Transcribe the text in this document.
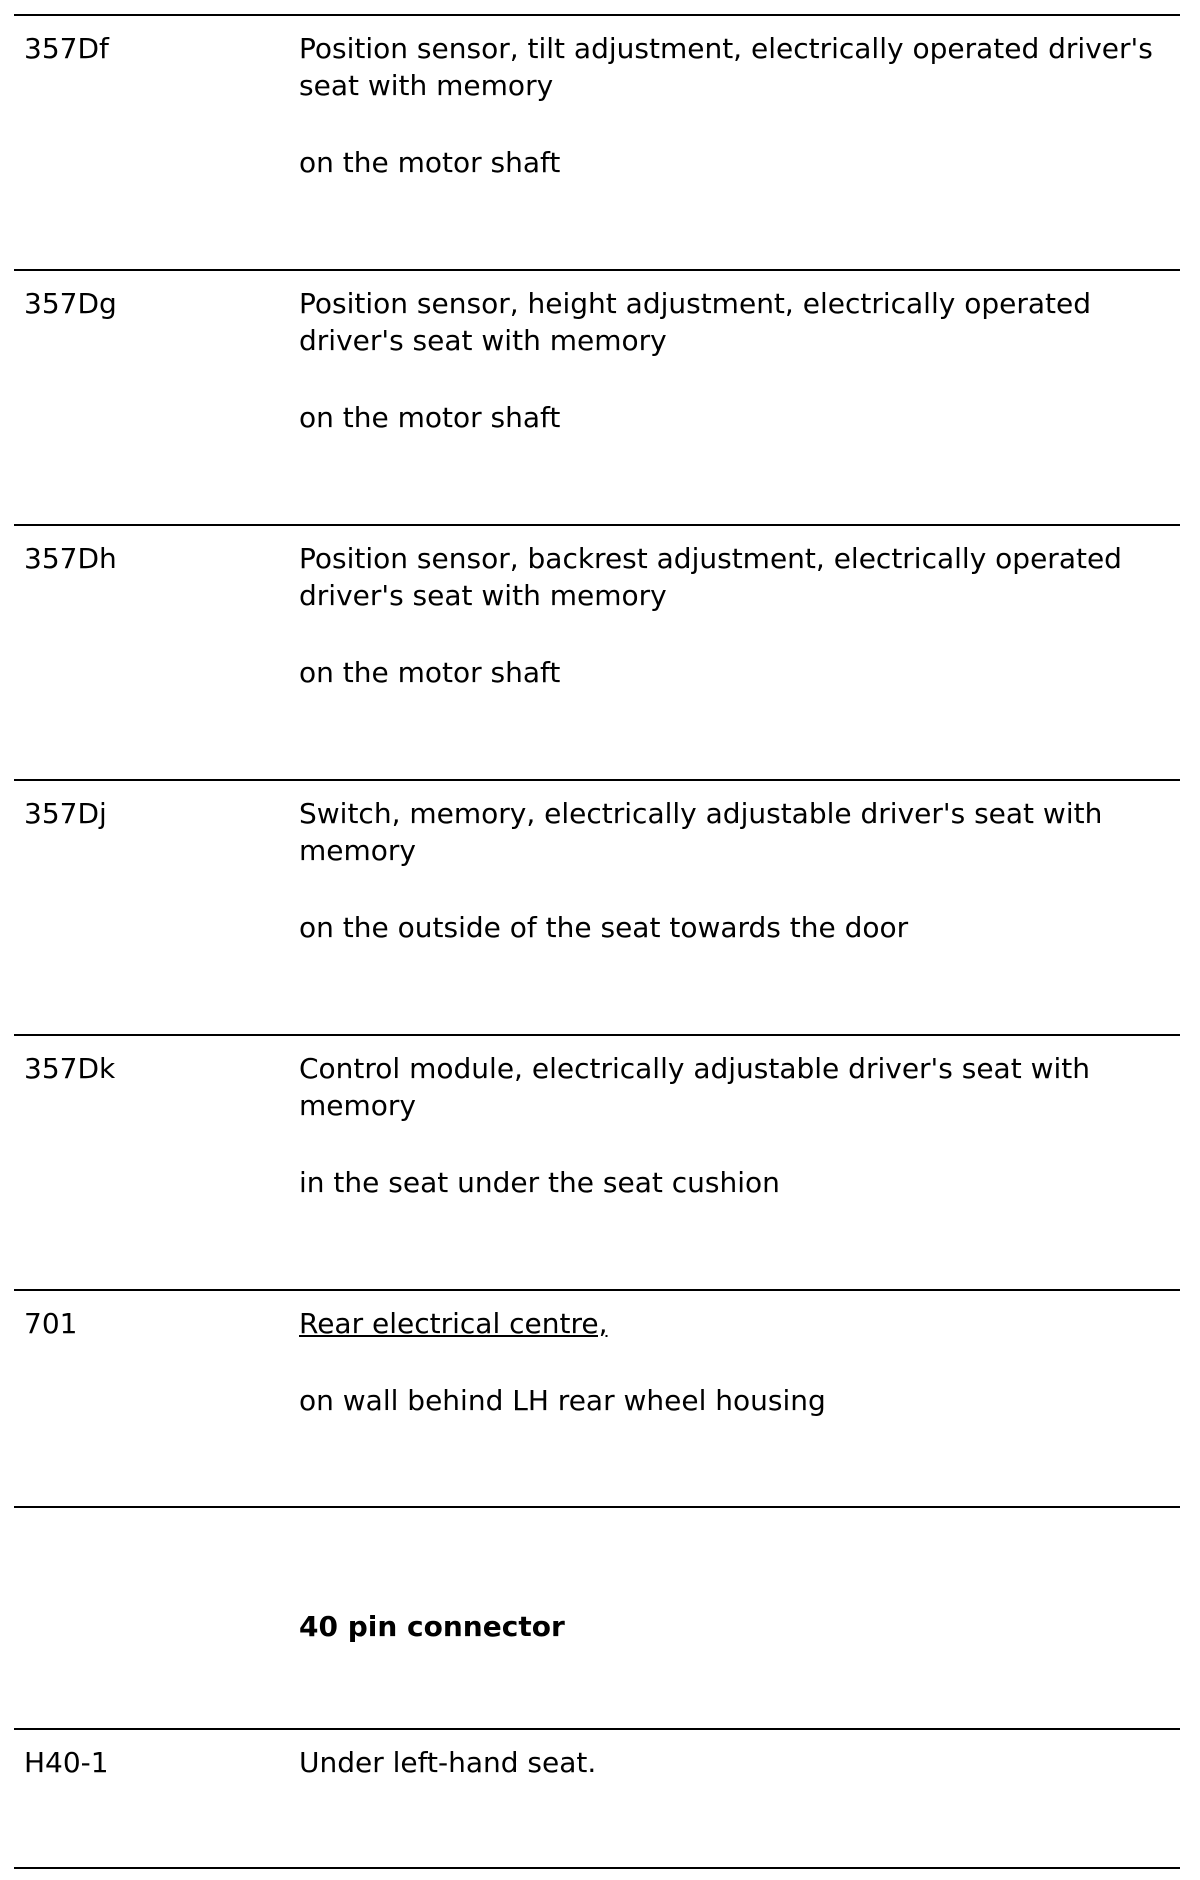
357Df	Position sensor, tilt adjustment, electrically operated driver's seat with memory

on the motor shaft

357Dg	Position sensor, height adjustment, electrically operated driver's seat with memory

on the motor shaft

357Dh	Position sensor, backrest adjustment, electrically operated driver's seat with memory

on the motor shaft

357Dj	Switch, memory, electrically adjustable driver's seat with memory

on the outside of the seat towards the door

357Dk	Control module, electrically adjustable driver's seat with memory

in the seat under the seat cushion

701	Rear electrical centre,

on wall behind LH rear wheel housing

40 pin connector

H40-1	Under left-hand seat.
